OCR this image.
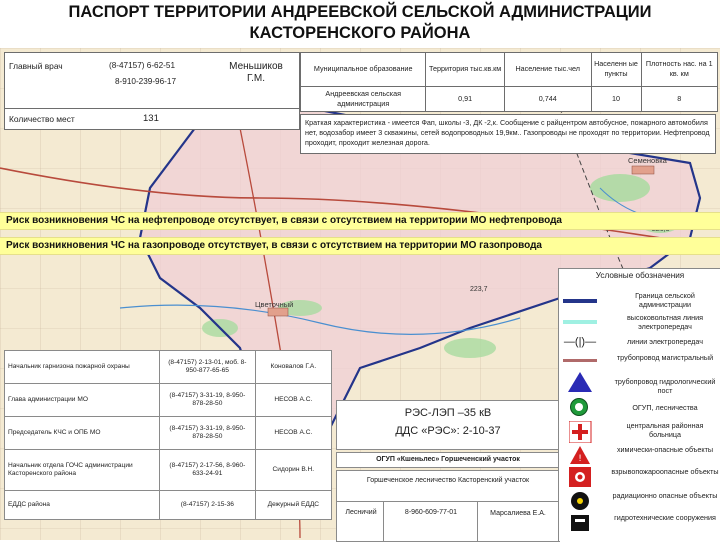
ПАСПОРТ ТЕРРИТОРИИ АНДРЕЕВСКОЙ СЕЛЬСКОЙ АДМИНИСТРАЦИИ
КАСТОРЕНСКОГО РАЙОНА
Цветочный
Семеновка
223,7
Главный врач	(8-47157) 6-62-51
8-910-239-96-17
Меньшиков Г.М.
Количество мест	131
Муниципальное образование	Территория тыс.кв.км	Население тыс.чел	Населенн ые пункты	Плотность нас. на 1 кв. км
Андреевская сельская администрация	0,91	0,744	10	8
Краткая характеристика - имеется Фап, школы -3, ДК -2,к. Сообщение с райцентром автобусное, пожарного автомобиля нет, водозабор имеет 3 скважины, сетей водопроводных 19,9км.. Газопроводы не проходят по территории. Нефтепровод проходит, проходит железная дорога.
Риск возникновения ЧС на нефтепроводе отсутствует, в связи с отсутствием на территории МО нефтепровода
Риск возникновения ЧС на газопроводе отсутствует, в связи с отсутствием на территории МО газопровода
Начальник гарнизона пожарной охраны	(8-47157) 2-13-01, моб. 8-950-877-65-65	Коновалов Г.А.
Глава администрации МО	(8-47157) 3-31-19, 8-950-878-28-50	НЕСОВ А.С.
Председатель КЧС и ОПБ МО	(8-47157) 3-31-19, 8-950-878-28-50	НЕСОВ А.С.
Начальник отдела ГОЧС администрации Касторенского района	(8-47157) 2-17-56, 8-960-633-24-91	Сидорин В.Н.
ЕДДС района	(8-47157) 2-15-36	Дежурный ЕДДС
РЭС-ЛЭП –35 кВ
ДДС «РЭС»: 2-10-37
ОГУП «Кшеньлес» Горшеченский участок
Горшеченское лесничество Касторенский участок
Лесничий	8-960-609-77-01	Марсалиева Е.А.
Условные обозначения
Граница сельской администрации
высоковольтная линия электропередач
—(|)—	линии электропередач
трубопровод магистральный
трубопровод гидрологический пост
ОГУП, лесничества
центральная районная больница
!
химически-опасные объекты
взрывопожароопасные объекты
радиационно опасные объекты
гидротехнические сооружения
